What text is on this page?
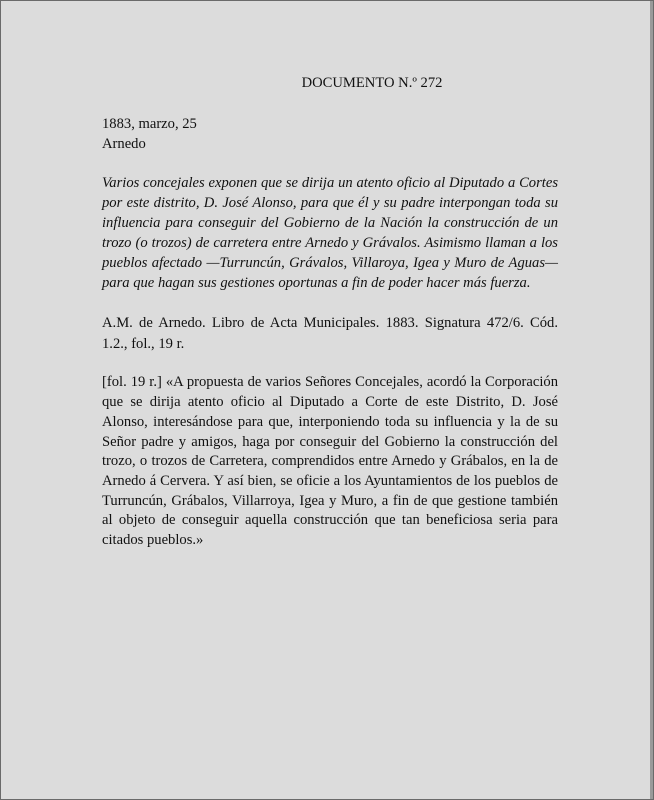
DOCUMENTO N.º 272

1883, marzo, 25

Arnedo

Varios concejales exponen que se dirija un atento oficio al Diputado a Cortes por este distrito, D. José Alonso, para que él y su padre interpongan toda su influencia para conseguir del Gobierno de la Nación la construcción de un trozo (o trozos) de carretera entre Arnedo y Grávalos. Asimismo llaman a los pueblos afectado —Turruncún, Grávalos, Villaroya, Igea y Muro de Aguas— para que hagan sus gestiones oportunas a fin de poder hacer más fuerza.

A.M. de Arnedo. Libro de Acta Municipales. 1883. Signatura 472/6. Cód. 1.2., fol., 19 r.

[fol. 19 r.] «A propuesta de varios Señores Concejales, acordó la Corporación que se dirija atento oficio al Diputado a Corte de este Distrito, D. José Alonso, interesándose para que, interponiendo toda su influencia y la de su Señor padre y amigos, haga por conseguir del Gobierno la construcción del trozo, o trozos de Carretera, comprendidos entre Arnedo y Grábalos, en la de Arnedo á Cervera. Y así bien, se oficie a los Ayuntamientos de los pueblos de Turruncún, Grábalos, Villarroya, Igea y Muro, a fin de que gestione también al objeto de conseguir aquella construcción que tan beneficiosa seria para citados pueblos.»
